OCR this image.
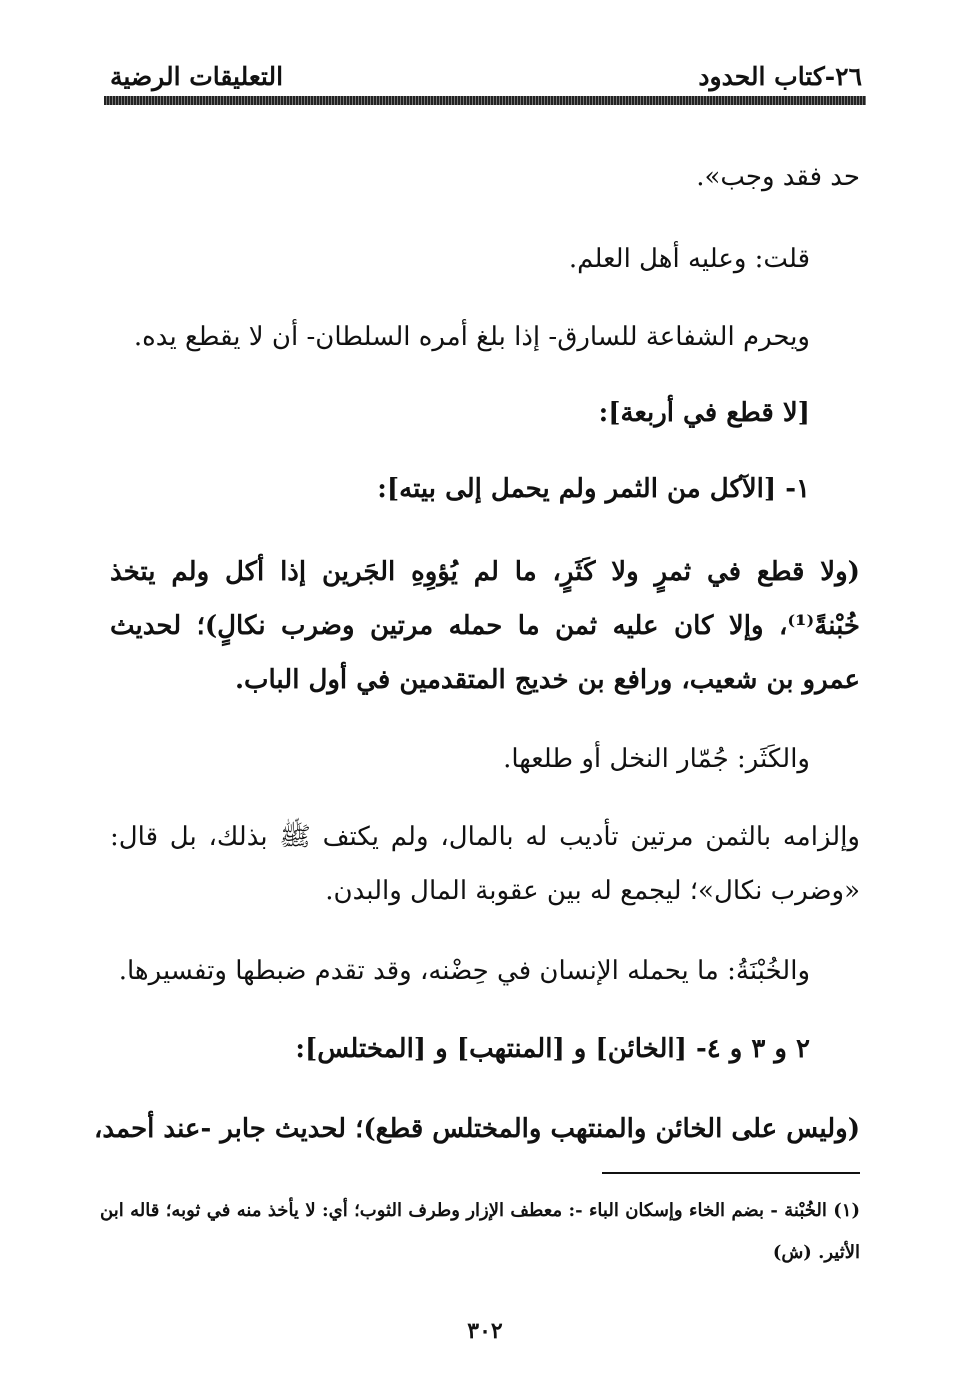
٢٦-كتاب الحدود
التعليقات الرضية
حد فقد وجب».
قلت: وعليه أهل العلم.
ويحرم الشفاعة للسارق- إذا بلغ أمره السلطان- أن لا يقطع يده.
[لا قطع في أربعة]:
١- [الآكل من الثمر ولم يحمل إلى بيته]:
(ولا قطع في ثمرٍ ولا كَثَرٍ، ما لم يُؤوِهِ الجَرين إذا أكل ولم يتخذ خُبْنةً⁽¹⁾، وإلا كان عليه ثمن ما حمله مرتين وضرب نكالٍ)؛ لحديث عمرو بن شعيب، ورافع بن خديج المتقدمين في أول الباب.
والكَثَر: جُمّار النخل أو طلعها.
وإلزامه بالثمن مرتين تأديب له بالمال، ولم يكتف ﷺ بذلك، بل قال: «وضرب نكال»؛ ليجمع له بين عقوبة المال والبدن.
والخُبْنَةُ: ما يحمله الإنسان في حِضْنه، وقد تقدم ضبطها وتفسيرها.
٢ و ٣ و ٤- [الخائن] و [المنتهب] و [المختلس]:
(وليس على الخائن والمنتهب والمختلس قطع)؛ لحديث جابر -عند أحمد،
(١) الخُبْنة - بضم الخاء وإسكان الباء -: معطف الإزار وطرف الثوب؛ أي: لا يأخذ منه في ثوبه؛ قاله ابن الأثير. (ش)
٣٠٢
